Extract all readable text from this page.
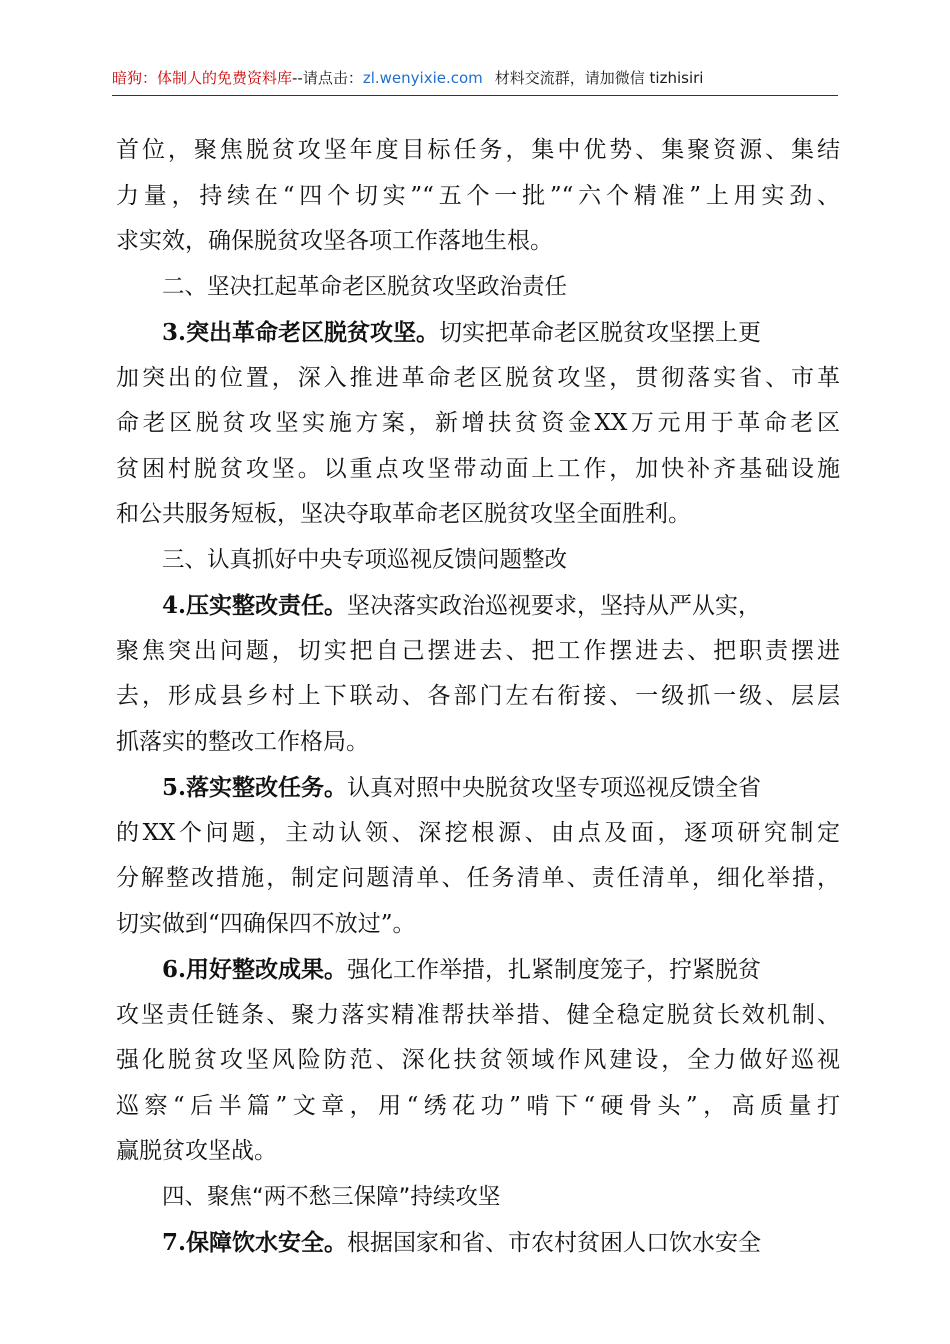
暗狗：体制人的免费资料库--请点击：zl.wenyixie.com 材料交流群，请加微信 tizhisiri
首位，聚焦脱贫攻坚年度目标任务，集中优势、集聚资源、集结
力量，持续在“四个切实”“五个一批”“六个精准”上用实劲、
求实效，确保脱贫攻坚各项工作落地生根。
二、坚决扛起革命老区脱贫攻坚政治责任
3.突出革命老区脱贫攻坚。切实把革命老区脱贫攻坚摆上更
加突出的位置，深入推进革命老区脱贫攻坚，贯彻落实省、市革
命老区脱贫攻坚实施方案，新增扶贫资金XX万元用于革命老区
贫困村脱贫攻坚。以重点攻坚带动面上工作，加快补齐基础设施
和公共服务短板，坚决夺取革命老区脱贫攻坚全面胜利。
三、认真抓好中央专项巡视反馈问题整改
4.压实整改责任。坚决落实政治巡视要求，坚持从严从实，
聚焦突出问题，切实把自己摆进去、把工作摆进去、把职责摆进
去，形成县乡村上下联动、各部门左右衔接、一级抓一级、层层
抓落实的整改工作格局。
5.落实整改任务。认真对照中央脱贫攻坚专项巡视反馈全省
的XX个问题，主动认领、深挖根源、由点及面，逐项研究制定
分解整改措施，制定问题清单、任务清单、责任清单，细化举措，
切实做到“四确保四不放过”。
6.用好整改成果。强化工作举措，扎紧制度笼子，拧紧脱贫
攻坚责任链条、聚力落实精准帮扶举措、健全稳定脱贫长效机制、
强化脱贫攻坚风险防范、深化扶贫领域作风建设，全力做好巡视
巡察“后半篇”文章，用“绣花功”啃下“硬骨头”，高质量打
赢脱贫攻坚战。
四、聚焦“两不愁三保障”持续攻坚
7.保障饮水安全。根据国家和省、市农村贫困人口饮水安全
